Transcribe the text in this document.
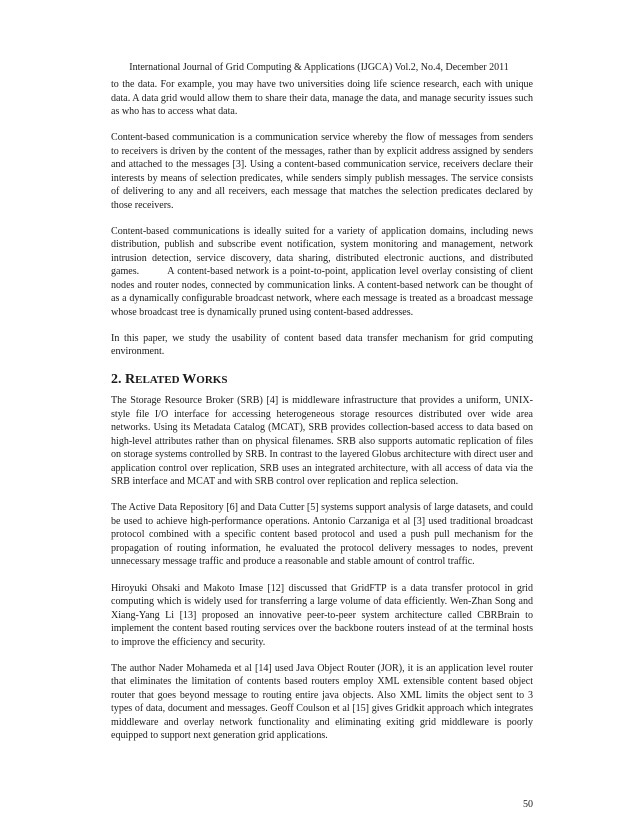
International Journal of Grid Computing & Applications (IJGCA) Vol.2, No.4, December 2011

to the data. For example, you may have two universities doing life science research, each with unique data. A data grid would allow them to share their data, manage the data, and manage security issues such as who has to access what data.

Content-based communication is a communication service whereby the flow of messages from senders to receivers is driven by the content of the messages, rather than by explicit address assigned by senders and attached to the messages [3]. Using a content-based communication service, receivers declare their interests by means of selection predicates, while senders simply publish messages. The service consists of delivering to any and all receivers, each message that matches the selection predicates declared by those receivers.

Content-based communications is ideally suited for a variety of application domains, including news distribution, publish and subscribe event notification, system monitoring and management, network intrusion detection, service discovery, data sharing, distributed electronic auctions, and distributed games.         A content-based network is a point-to-point, application level overlay consisting of client nodes and router nodes, connected by communication links. A content-based network can be thought of as a dynamically configurable broadcast network, where each message is treated as a broadcast message whose broadcast tree is dynamically pruned using content-based addresses.

In this paper, we study the usability of content based data transfer mechanism for grid computing environment.

2. RELATED WORKS

The Storage Resource Broker (SRB) [4] is middleware infrastructure that provides a uniform, UNIX-style file I/O interface for accessing heterogeneous storage resources distributed over wide area networks. Using its Metadata Catalog (MCAT), SRB provides collection-based access to data based on high-level attributes rather than on physical filenames. SRB also supports automatic replication of files on storage systems controlled by SRB. In contrast to the layered Globus architecture with direct user and application control over replication, SRB uses an integrated architecture, with all access of data via the SRB interface and MCAT and with SRB control over replication and replica selection.

The Active Data Repository [6] and Data Cutter [5] systems support analysis of large datasets, and could be used to achieve high-performance operations. Antonio Carzaniga et al [3] used traditional broadcast protocol combined with a specific content based protocol and used a push pull mechanism for the propagation of routing information, he evaluated the protocol delivery messages to nodes, prevent unnecessary message traffic and produce a reasonable and stable amount of control traffic.

Hiroyuki Ohsaki and Makoto Imase [12] discussed that GridFTP is a data transfer protocol in grid computing which is widely used for transferring a large volume of data efficiently. Wen-Zhan Song and Xiang-Yang Li [13] proposed an innovative peer-to-peer system architecture called CBRBrain to implement the content based routing services over the backbone routers instead of at the terminal hosts to improve the efficiency and security.

The author Nader Mohameda et al [14] used Java Object Router (JOR), it is an application level router that eliminates the limitation of contents based routers employ XML extensible content based object router that goes beyond message to routing entire java objects. Also XML limits the object sent to 3 types of data, document and messages. Geoff Coulson et al [15] gives Gridkit approach which integrates middleware and overlay network functionality and eliminating exiting grid middleware is poorly equipped to support next generation grid applications.

50
